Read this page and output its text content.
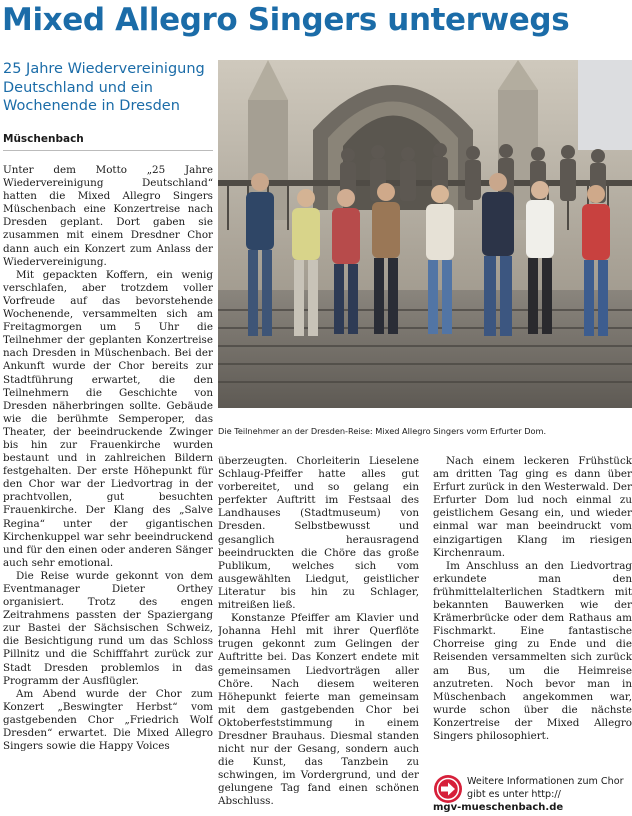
Mixed Allegro Singers unterwegs
25 Jahre Wiedervereinigung Deutschland und ein Wochenende in Dresden
Müschenbach

Unter dem Motto „25 Jahre Wiedervereinigung Deutschland“ hatten die Mixed Allegro Singers Müschenbach eine Konzertreise nach Dresden geplant. Dort gaben sie zusammen mit einem Dresdner Chor dann auch ein Konzert zum Anlass der Wiedervereinigung.

Mit gepackten Koffern, ein wenig verschlafen, aber trotzdem voller Vorfreude auf das bevorstehende Wochenende, versammelten sich am Freitagmorgen um 5 Uhr die Teilnehmer der geplanten Konzertreise nach Dresden in Müschenbach. Bei der Ankunft wurde der Chor bereits zur Stadtführung erwartet, die den Teilnehmern die Geschichte von Dresden näherbringen sollte. Gebäude wie die berühmte Semperoper, das Theater, der beeindruckende Zwinger bis hin zur Frauenkirche wurden bestaunt und in zahlreichen Bildern festgehalten. Der erste Höhepunkt für den Chor war der Liedvortrag in der prachtvollen, gut besuchten Frauenkirche. Der Klang des „Salve Regina“ unter der gigantischen Kirchenkuppel war sehr beeindruckend und für den einen oder anderen Sänger auch sehr emotional.

Die Reise wurde gekonnt von dem Eventmanager Dieter Orthey organisiert. Trotz des engen Zeitrahmens passten der Spaziergang zur Bastei der Sächsischen Schweiz, die Besichtigung rund um das Schloss Pillnitz und die Schifffahrt zurück zur Stadt Dresden problemlos in das Programm der Ausflügler.

Am Abend wurde der Chor zum Konzert „Beswingter Herbst“ vom gastgebenden Chor „Friedrich Wolf Dresden“ erwartet. Die Mixed Allegro Singers sowie die Happy Voices

Die Teilnehmer an der Dresden-Reise: Mixed Allegro Singers vorm Erfurter Dom.

überzeugten. Chorleiterin Lieselene Schlaug-Pfeiffer hatte alles gut vorbereitet, und so gelang ein perfekter Auftritt im Festsaal des Landhauses (Stadtmuseum) von Dresden. Selbstbewusst und gesanglich herausragend beeindruckten die Chöre das große Publikum, welches sich vom ausgewählten Liedgut, geistlicher Literatur bis hin zu Schlager, mitreißen ließ.

Konstanze Pfeiffer am Klavier und Johanna Hehl mit ihrer Querflöte trugen gekonnt zum Gelingen der Auftritte bei. Das Konzert endete mit gemeinsamen Liedvorträgen aller Chöre. Nach diesem weiteren Höhepunkt feierte man gemeinsam mit dem gastgebenden Chor bei Oktoberfeststimmung in einem Dresdner Brauhaus. Diesmal standen nicht nur der Gesang, sondern auch die Kunst, das Tanzbein zu schwingen, im Vordergrund, und der gelungene Tag fand einen schönen Abschluss.

Nach einem leckeren Frühstück am dritten Tag ging es dann über Erfurt zurück in den Westerwald. Der Erfurter Dom lud noch einmal zu geistlichem Gesang ein, und wieder einmal war man beeindruckt vom einzigartigen Klang im riesigen Kirchenraum.

Im Anschluss an den Liedvortrag erkundete man den frühmittelalterlichen Stadtkern mit bekannten Bauwerken wie der Krämerbrücke oder dem Rathaus am Fischmarkt. Eine fantastische Chorreise ging zu Ende und die Reisenden versammelten sich zurück am Bus, um die Heimreise anzutreten. Noch bevor man in Müschenbach angekommen war, wurde schon über die nächste Konzertreise der Mixed Allegro Singers philosophiert.

Weitere Informationen zum Chor gibt es unter http://
mgv-mueschenbach.de
